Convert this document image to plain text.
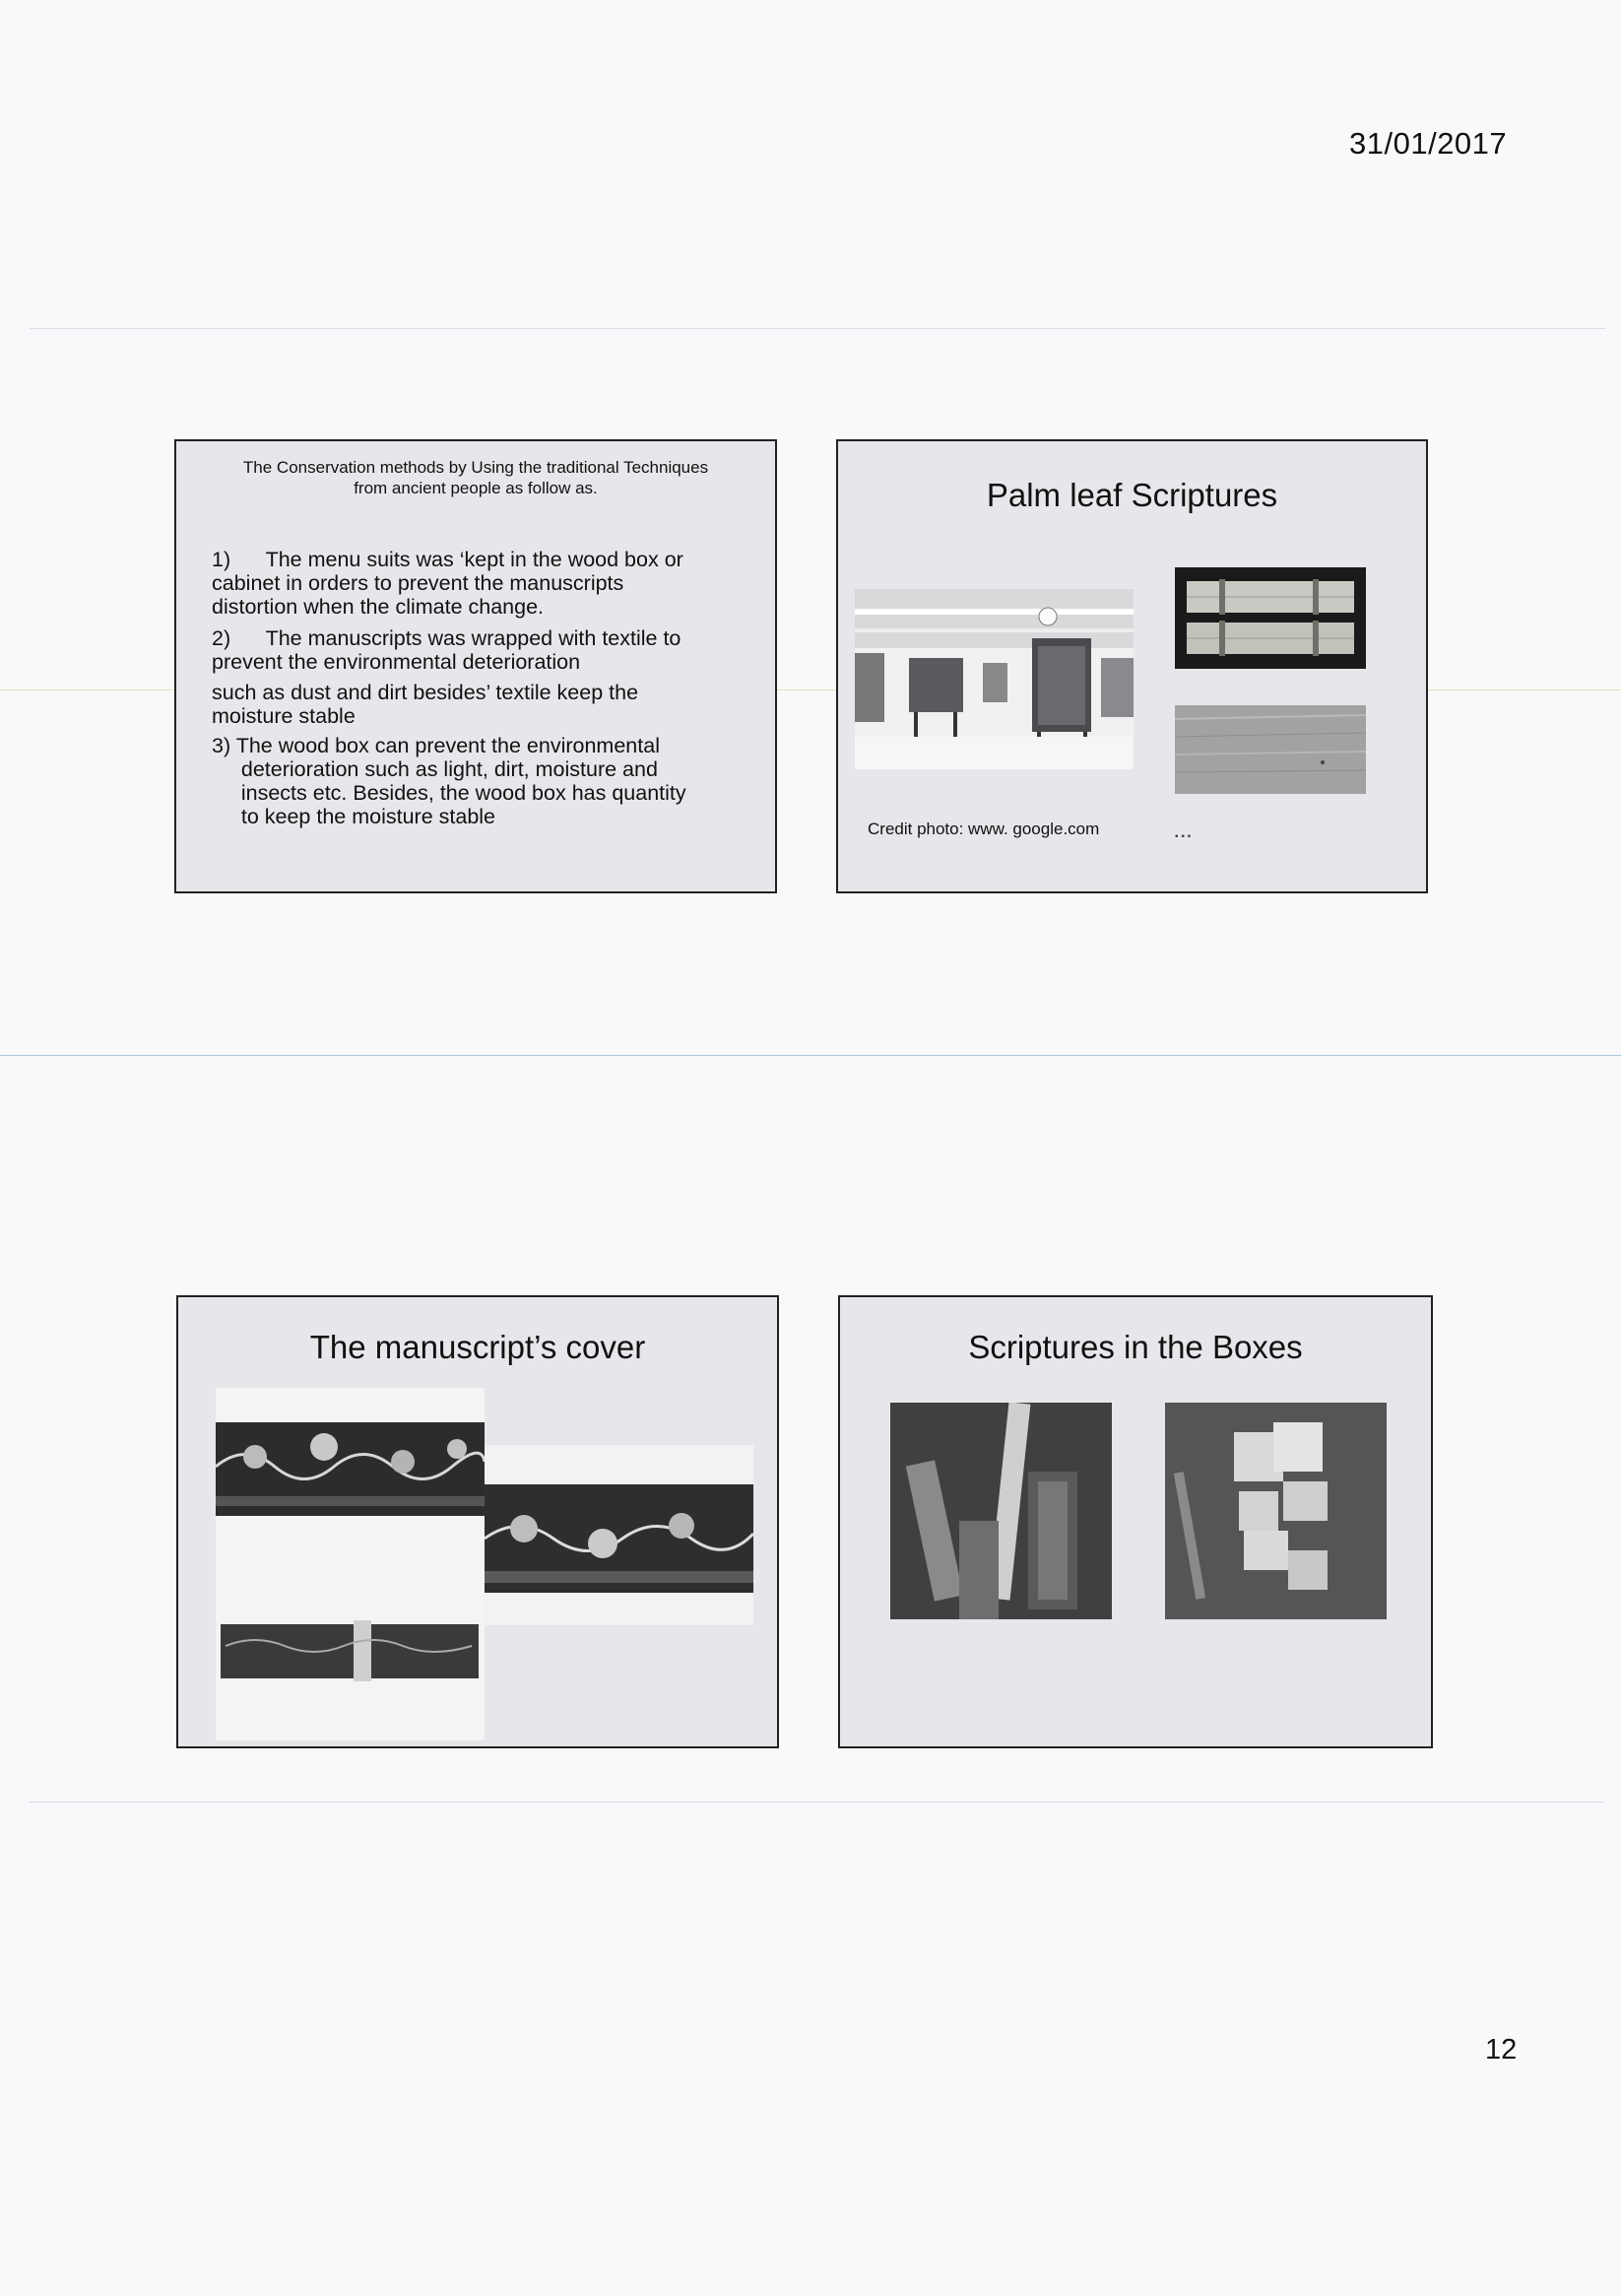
31/01/2017
12
The Conservation methods by Using the traditional Techniques
from ancient people as follow as.
1)      The menu suits was ‘kept in the wood box or
cabinet in orders to prevent the manuscripts
distortion when the climate change.
2)      The manuscripts was wrapped with textile to
prevent the environmental deterioration
such as dust and dirt besides’ textile keep the
moisture stable
3) The wood box can prevent the environmental
deterioration such as light, dirt, moisture and
insects etc. Besides, the wood box has quantity
to keep the moisture stable
Palm leaf Scriptures
Credit photo: www. google.com	▪ ▪ ▪
The manuscript’s cover	Scriptures in the Boxes
